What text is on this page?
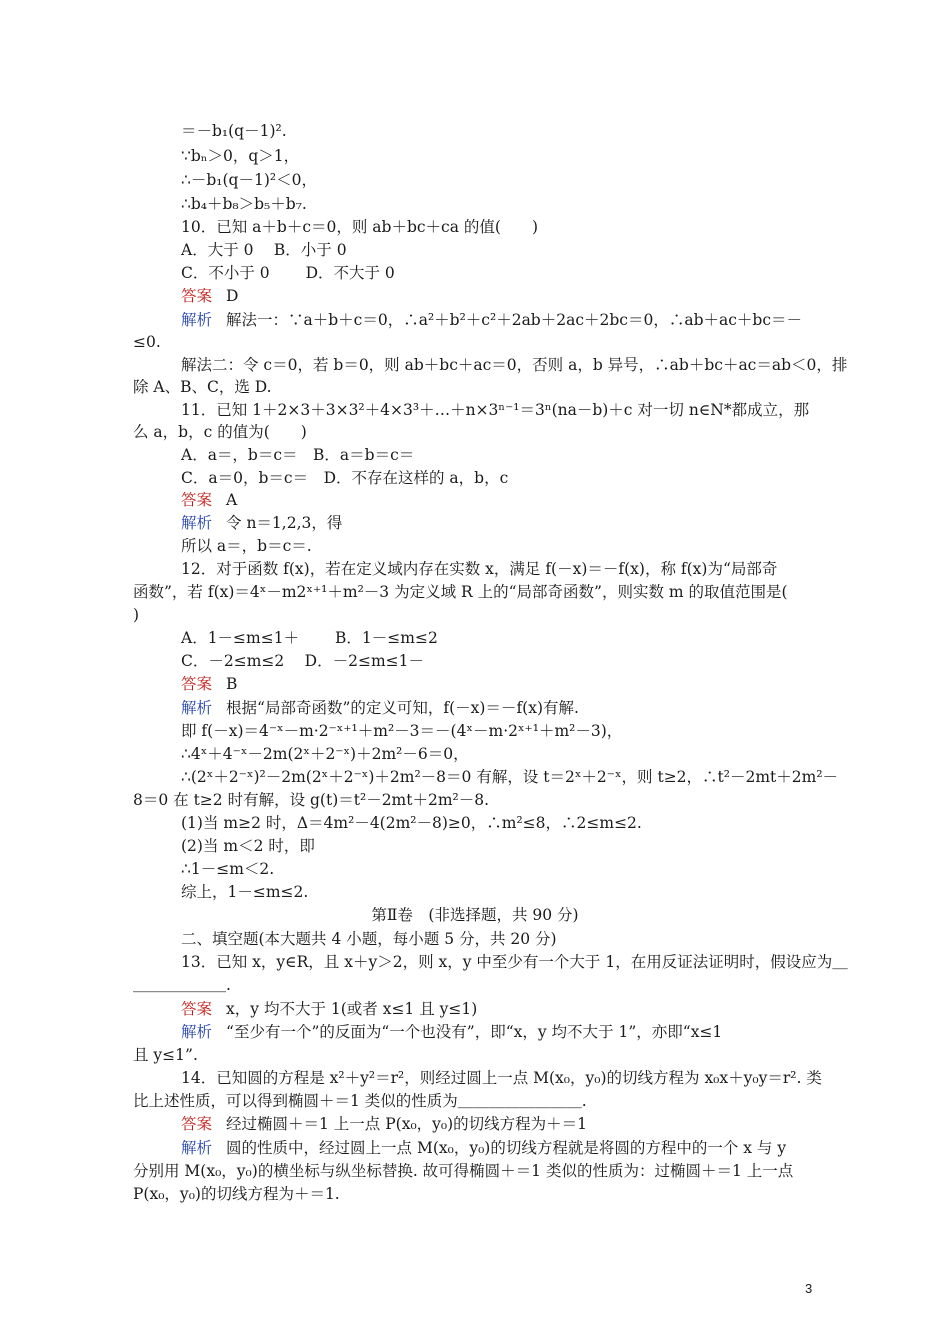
＝－b₁(q－1)².
∵bₙ＞0，q＞1，
∴－b₁(q－1)²＜0，
∴b₄＋b₈＞b₅＋b₇.
10．已知 a＋b＋c＝0，则 ab＋bc＋ca 的值(　　)
A．大于 0　 B．小于 0
C．不小于 0　　 D．不大于 0
答案 D
解析 解法一：∵a＋b＋c＝0，∴a²＋b²＋c²＋2ab＋2ac＋2bc＝0，∴ab＋ac＋bc＝－
≤0.
解法二：令 c＝0，若 b＝0，则 ab＋bc＋ac＝0，否则 a，b 异号，∴ab＋bc＋ac＝ab＜0，排
除 A、B、C，选 D.
11．已知 1＋2×3＋3×3²＋4×3³＋…＋n×3ⁿ⁻¹＝3ⁿ(na－b)＋c 对一切 n∈N*都成立，那
么 a，b，c 的值为(　　)
A．a＝，b＝c＝　B．a＝b＝c＝
C．a＝0，b＝c＝　D．不存在这样的 a，b，c
答案 A
解析 令 n＝1,2,3，得
所以 a＝，b＝c＝.
12．对于函数 f(x)，若在定义域内存在实数 x，满足 f(－x)＝－f(x)，称 f(x)为“局部奇
函数”，若 f(x)＝4ˣ－m2ˣ⁺¹＋m²－3 为定义域 R 上的“局部奇函数”，则实数 m 的取值范围是(
)
A．1－≤m≤1＋　　 B．1－≤m≤2
C．－2≤m≤2　 D．－2≤m≤1－
答案 B
解析 根据“局部奇函数”的定义可知，f(－x)＝－f(x)有解.
即 f(－x)＝4⁻ˣ－m·2⁻ˣ⁺¹＋m²－3＝－(4ˣ－m·2ˣ⁺¹＋m²－3)，
∴4ˣ＋4⁻ˣ－2m(2ˣ＋2⁻ˣ)＋2m²－6＝0，
∴(2ˣ＋2⁻ˣ)²－2m(2ˣ＋2⁻ˣ)＋2m²－8＝0 有解，设 t＝2ˣ＋2⁻ˣ，则 t≥2，∴t²－2mt＋2m²－
8＝0 在 t≥2 时有解，设 g(t)＝t²－2mt＋2m²－8.
(1)当 m≥2 时，Δ＝4m²－4(2m²－8)≥0，∴m²≤8，∴2≤m≤2.
(2)当 m＜2 时，即
∴1－≤m＜2.
综上，1－≤m≤2.
第Ⅱ卷　(非选择题，共 90 分)
二、填空题(本大题共 4 小题，每小题 5 分，共 20 分)
13．已知 x，y∈R，且 x＋y＞2，则 x，y 中至少有一个大于 1，在用反证法证明时，假设应为＿
＿＿＿＿＿＿.
答案 x，y 均不大于 1(或者 x≤1 且 y≤1)
解析 “至少有一个”的反面为“一个也没有”，即“x，y 均不大于 1”，亦即“x≤1
且 y≤1”.
14．已知圆的方程是 x²＋y²＝r²，则经过圆上一点 M(x₀，y₀)的切线方程为 x₀x＋y₀y＝r². 类
比上述性质，可以得到椭圆＋＝1 类似的性质为＿＿＿＿＿＿＿＿.
答案 经过椭圆＋＝1 上一点 P(x₀，y₀)的切线方程为＋＝1
解析 圆的性质中，经过圆上一点 M(x₀，y₀)的切线方程就是将圆的方程中的一个 x 与 y
分别用 M(x₀，y₀)的横坐标与纵坐标替换. 故可得椭圆＋＝1 类似的性质为：过椭圆＋＝1 上一点
P(x₀，y₀)的切线方程为＋＝1.
3
